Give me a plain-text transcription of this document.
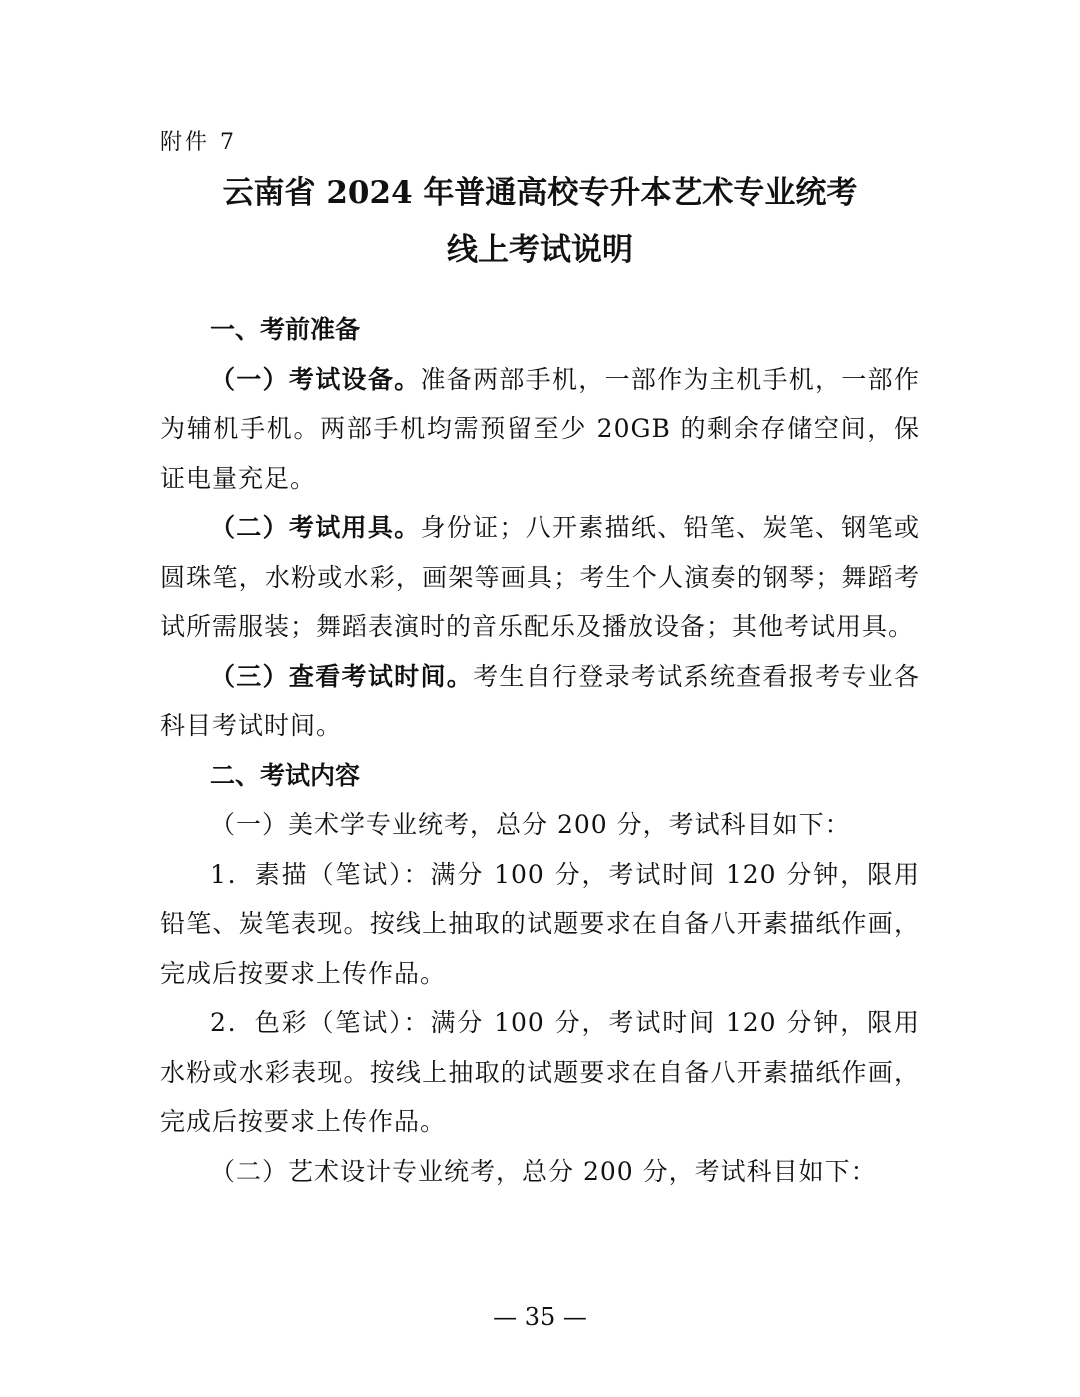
附件 7
云南省 2024 年普通高校专升本艺术专业统考
线上考试说明

一、考前准备

（一）考试设备。准备两部手机，一部作为主机手机，一部作为辅机手机。两部手机均需预留至少 20GB 的剩余存储空间，保证电量充足。

（二）考试用具。身份证；八开素描纸、铅笔、炭笔、钢笔或圆珠笔，水粉或水彩，画架等画具；考生个人演奏的钢琴；舞蹈考试所需服装；舞蹈表演时的音乐配乐及播放设备；其他考试用具。

（三）查看考试时间。考生自行登录考试系统查看报考专业各科目考试时间。

二、考试内容

（一）美术学专业统考，总分 200 分，考试科目如下：

1．素描（笔试）：满分 100 分，考试时间 120 分钟，限用铅笔、炭笔表现。按线上抽取的试题要求在自备八开素描纸作画，完成后按要求上传作品。

2．色彩（笔试）：满分 100 分，考试时间 120 分钟，限用水粉或水彩表现。按线上抽取的试题要求在自备八开素描纸作画，完成后按要求上传作品。

（二）艺术设计专业统考，总分 200 分，考试科目如下：

— 35 —
